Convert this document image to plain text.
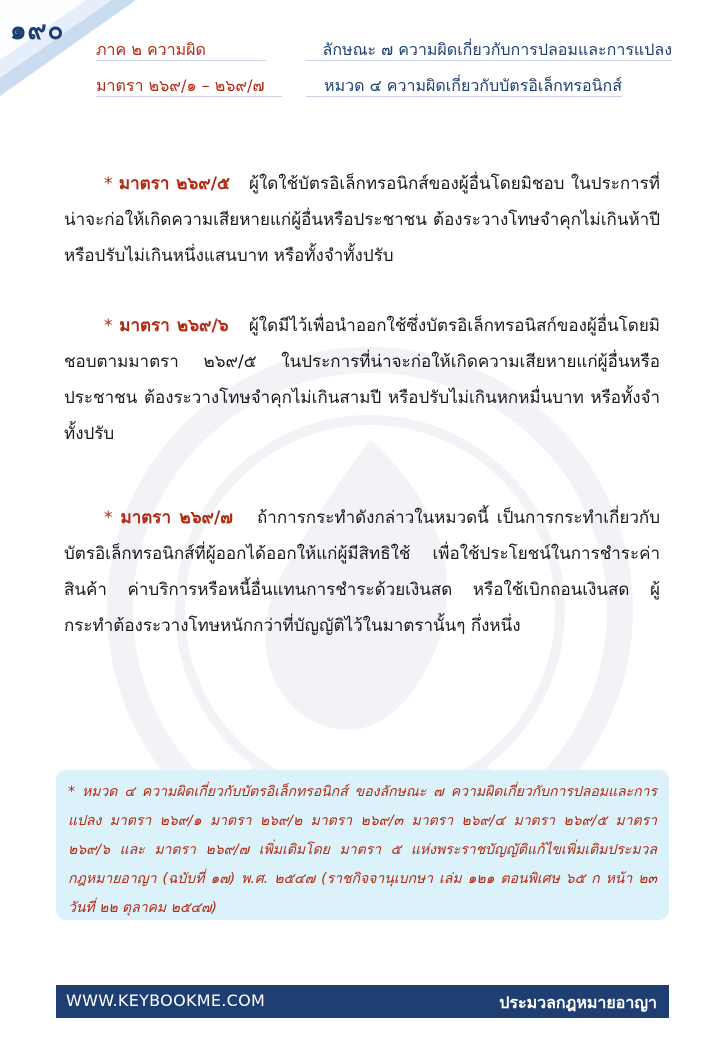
๑๙๐
ภาค ๒ ความผิด
มาตรา ๒๖๙/๑ – ๒๖๙/๗
ลักษณะ ๗ ความผิดเกี่ยวกับการปลอมและการแปลง
หมวด ๔ ความผิดเกี่ยวกับบัตรอิเล็กทรอนิกส์

* มาตรา ๒๖๙/๕ ผู้ใดใช้บัตรอิเล็กทรอนิกส์ของผู้อื่นโดยมิชอบ ในประการที่น่าจะก่อให้เกิดความเสียหายแก่ผู้อื่นหรือประชาชน ต้องระวางโทษจำคุกไม่เกินห้าปี หรือปรับไม่เกินหนึ่งแสนบาท หรือทั้งจำทั้งปรับ

* มาตรา ๒๖๙/๖ ผู้ใดมีไว้เพื่อนำออกใช้ซึ่งบัตรอิเล็กทรอนิสก์ของผู้อื่นโดยมิชอบตามมาตรา ๒๖๙/๕ ในประการที่น่าจะก่อให้เกิดความเสียหายแก่ผู้อื่นหรือประชาชน ต้องระวางโทษจำคุกไม่เกินสามปี หรือปรับไม่เกินหกหมื่นบาท หรือทั้งจำทั้งปรับ

* มาตรา ๒๖๙/๗ ถ้าการกระทำดังกล่าวในหมวดนี้ เป็นการกระทำเกี่ยวกับบัตรอิเล็กทรอนิกส์ที่ผู้ออกได้ออกให้แก่ผู้มีสิทธิใช้ เพื่อใช้ประโยชน์ในการชำระค่าสินค้า ค่าบริการหรือหนี้อื่นแทนการชำระด้วยเงินสด หรือใช้เบิกถอนเงินสด ผู้กระทำต้องระวางโทษหนักกว่าที่บัญญัติไว้ในมาตรานั้นๆ กึ่งหนึ่ง

* หมวด ๔ ความผิดเกี่ยวกับบัตรอิเล็กทรอนิกส์ ของลักษณะ ๗ ความผิดเกี่ยวกับการปลอมและการแปลง มาตรา ๒๖๙/๑ มาตรา ๒๖๙/๒ มาตรา ๒๖๙/๓ มาตรา ๒๖๙/๔ มาตรา ๒๖๙/๕ มาตรา ๒๖๙/๖ และ มาตรา ๒๖๙/๗ เพิ่มเติมโดย มาตรา ๕ แห่งพระราชบัญญัติแก้ไขเพิ่มเติมประมวลกฎหมายอาญา (ฉบับที่ ๑๗) พ.ศ. ๒๕๔๗ (ราชกิจจานุเบกษา เล่ม ๑๒๑ ตอนพิเศษ ๖๕ ก หน้า ๒๓ วันที่ ๒๒ ตุลาคม ๒๕๔๗)

WWW.KEYBOOKME.COM	ประมวลกฎหมายอาญา
